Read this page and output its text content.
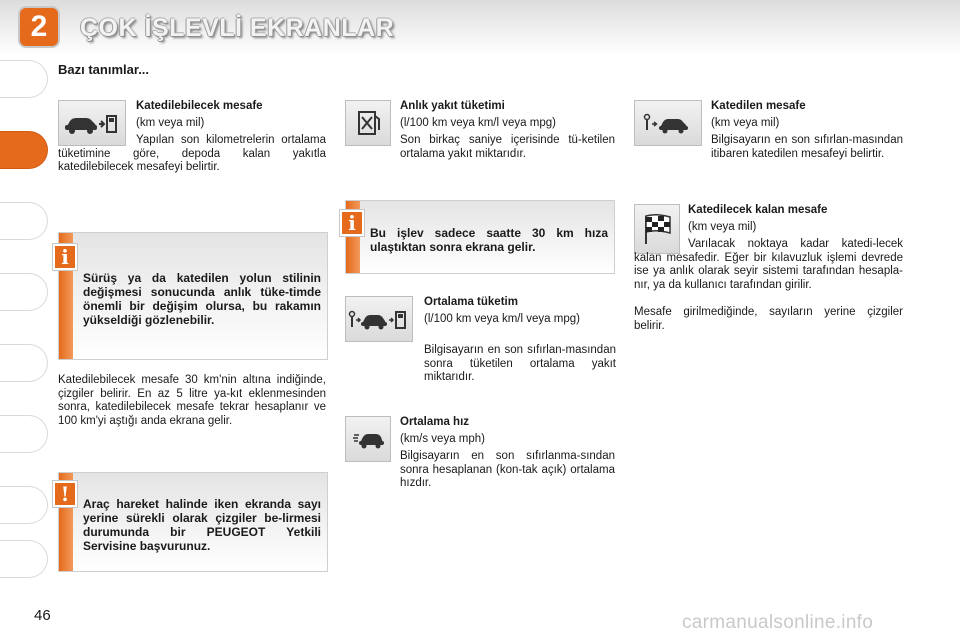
2	ÇOK İŞLEVLİ EKRANLAR
Bazı tanımlar...
Katedilebilecek mesafe
(km veya mil)
Yapılan son kilometrelerin ortalama tüketimine göre, depoda kalan yakıtla katedilebilecek mesafeyi belirtir.
Sürüş ya da katedilen yolun stilinin değişmesi sonucunda anlık tüke-timde önemli bir değişim olursa, bu rakamın yükseldiği gözlenebilir.
i
Katedilebilecek mesafe 30 km'nin altına indiğinde, çizgiler belirir. En az 5 litre ya-kıt eklenmesinden sonra, katedilebilecek mesafe tekrar hesaplanır ve 100 km'yi aştığı anda ekrana gelir.
Araç hareket halinde iken ekranda sayı yerine sürekli olarak çizgiler be-lirmesi durumunda bir PEUGEOT Yetkili Servisine başvurunuz.
!
Anlık yakıt tüketimi
(l/100 km veya km/l veya mpg)
Son birkaç saniye içerisinde tü-ketilen ortalama yakıt miktarıdır.
Bu işlev sadece saatte 30 km hıza ulaştıktan sonra ekrana gelir.
i
Ortalama tüketim
(l/100 km veya km/l veya mpg)
Bilgisayarın en son sıfırlan-masından sonra tüketilen ortalama yakıt miktarıdır.
Ortalama hız
(km/s veya mph)
Bilgisayarın en son sıfırlanma-sından sonra hesaplanan (kon-tak açık) ortalama hızdır.
Katedilen mesafe
(km veya mil)
Bilgisayarın en son sıfırlan-masından itibaren katedilen mesafeyi belirtir.
Katedilecek kalan mesafe
(km veya mil)
Varılacak noktaya kadar katedi-lecek kalan mesafedir. Eğer bir kılavuzluk işlemi devrede ise ya anlık olarak seyir sistemi tarafından hesapla-nır, ya da kullanıcı tarafından girilir.
Mesafe girilmediğinde, sayıların yerine çizgiler belirir.
46	carmanualsonline.info
